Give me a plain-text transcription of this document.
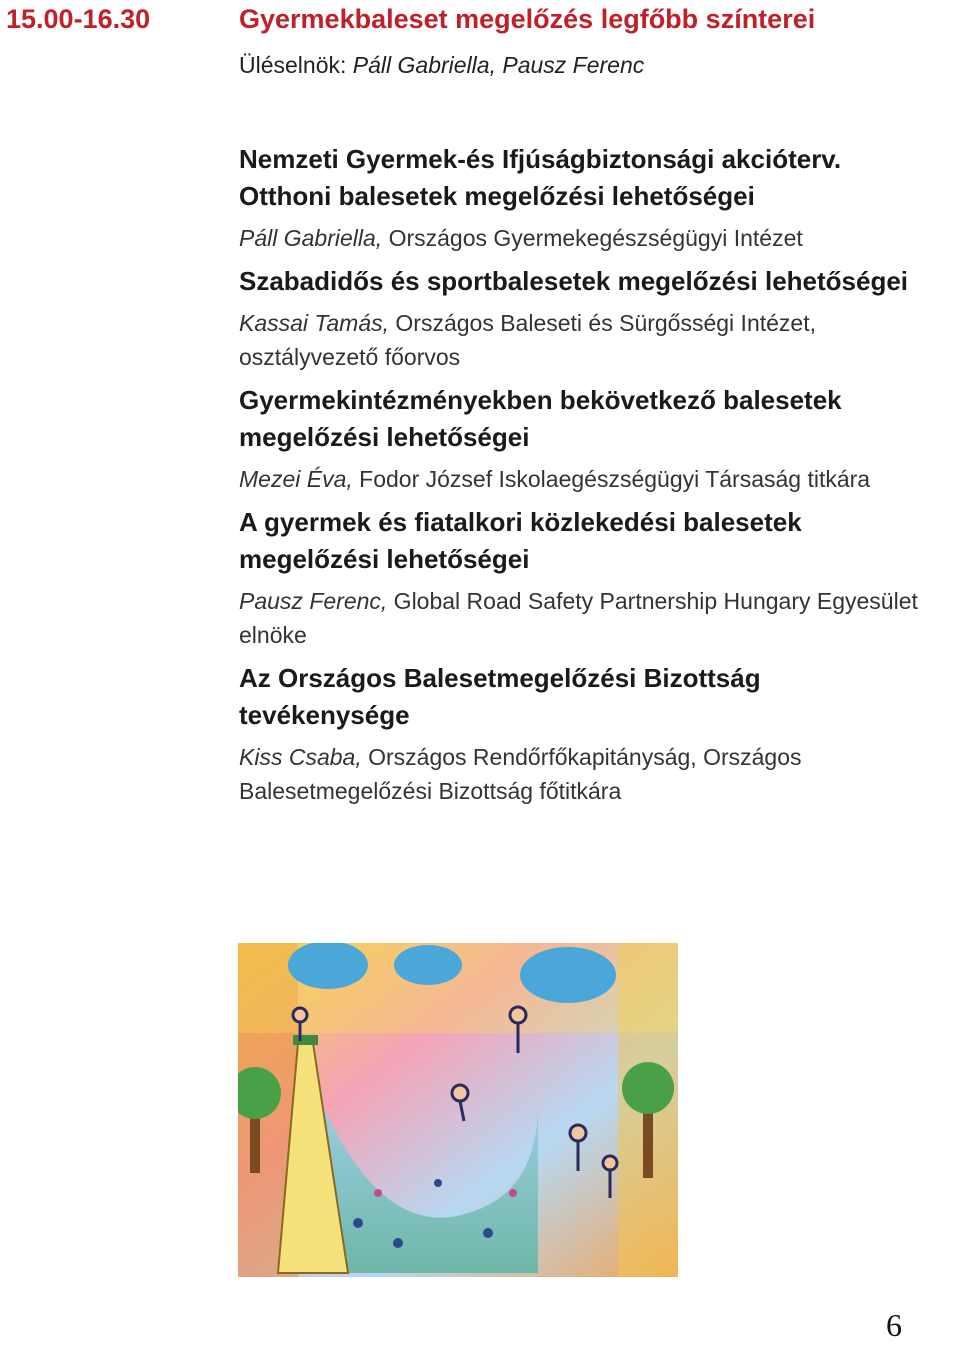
15.00-16.30	Gyermekbaleset megelőzés legfőbb színterei
Üléselnök: Páll Gabriella, Pausz Ferenc
Nemzeti Gyermek-és Ifjúságbiztonsági akcióterv.
Otthoni balesetek megelőzési lehetőségei
Páll Gabriella, Országos Gyermekegészségügyi Intézet
Szabadidős és sportbalesetek megelőzési lehetőségei
Kassai Tamás, Országos Baleseti és Sürgősségi Intézet, osztályvezető főorvos
Gyermekintézményekben bekövetkező balesetek
megelőzési lehetőségei
Mezei Éva, Fodor József Iskolaegészségügyi Társaság titkára
A gyermek és fiatalkori közlekedési balesetek
megelőzési lehetőségei
Pausz Ferenc, Global Road Safety Partnership Hungary Egyesület elnöke
Az Országos Balesetmegelőzési Bizottság
tevékenysége
Kiss Csaba, Országos Rendőrfőkapitányság, Országos Balesetmegelőzési Bizottság főtitkára
6
